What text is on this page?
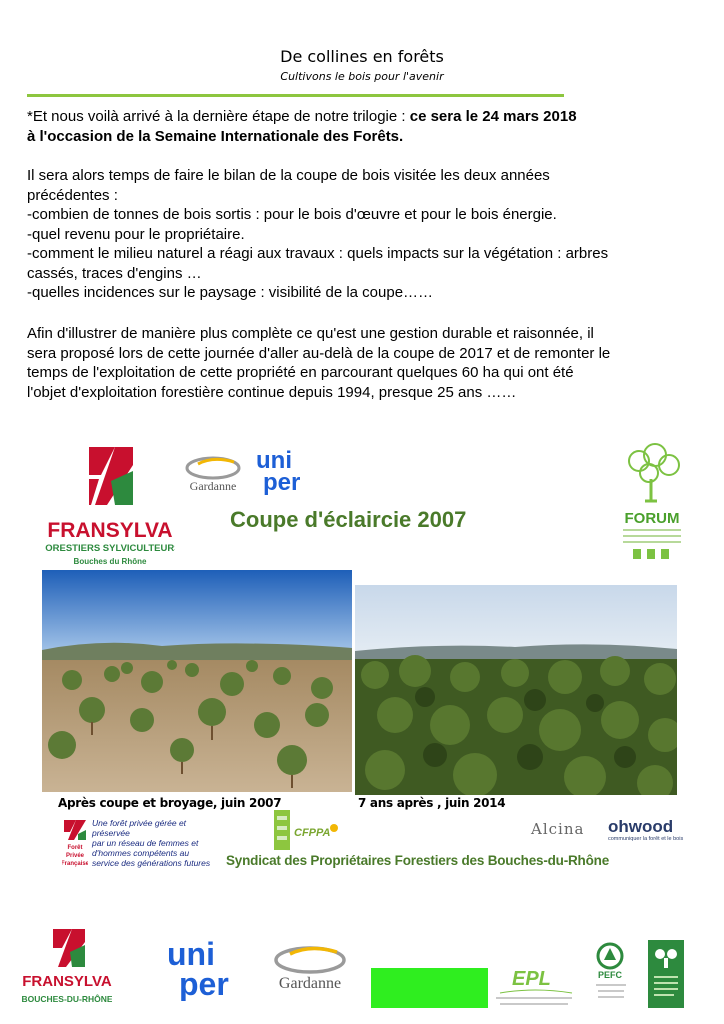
De collines en forêts
Cultivons le bois pour l'avenir
*Et nous voilà arrivé à la dernière étape de notre trilogie : ce sera le 24 mars 2018
à l'occasion de la Semaine Internationale des Forêts.
Il sera alors temps de faire le bilan de la coupe de bois visitée les deux années
précédentes :
-combien de tonnes de bois sortis : pour le bois d'œuvre et pour le bois énergie.
-quel revenu pour le propriétaire.
-comment le milieu naturel a réagi aux travaux : quels impacts sur la végétation : arbres
cassés, traces d'engins …
-quelles incidences sur le paysage : visibilité de la coupe……
Afin d'illustrer de manière plus complète ce qu'est une gestion durable et raisonnée, il
sera proposé lors de cette journée d'aller au-delà de la coupe de 2017 et de remonter le
temps de l'exploitation de cette propriété en parcourant quelques 60 ha qui ont été
l'objet d'exploitation forestière continue depuis 1994, presque 25 ans ……
FRANSYLVA
FORESTIERS SYLVICULTEURS
Bouches du Rhône
Gardanne
uni
per
Coupe d'éclaircie 2007	FORUM
Après coupe et broyage, juin 2007	7 ans après , juin 2014
Forêt
Privée
Française
Une forêt privée gérée et
préservée
par un réseau de femmes et
d'hommes compétents au
service des générations futures
CFPPA	Alcina ohwood
communiquer la forêt et le bois
Syndicat des Propriétaires Forestiers des Bouches-du-Rhône
FRANSYLVA
BOUCHES-DU-RHÔNE
uni
per	Gardanne	EPL	PEFC
